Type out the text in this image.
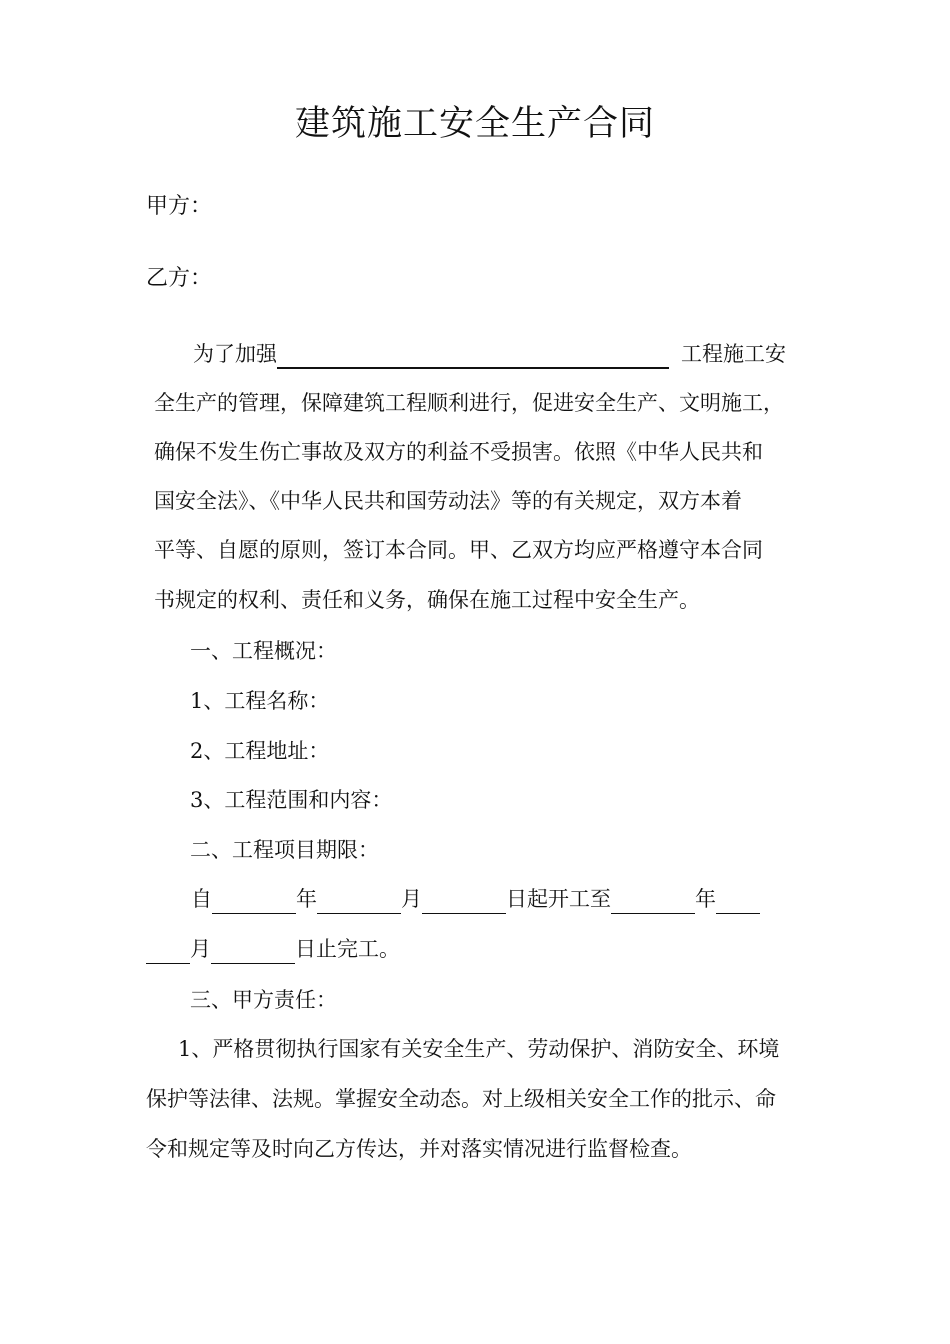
建筑施工安全生产合同
甲方：
乙方：
为了加强	工程施工安
全生产的管理，保障建筑工程顺利进行，促进安全生产、文明施工，
确保不发生伤亡事故及双方的利益不受损害。依照《中华人民共和
国安全法》、《中华人民共和国劳动法》等的有关规定，双方本着
平等、自愿的原则，签订本合同。甲、乙双方均应严格遵守本合同
书规定的权利、责任和义务，确保在施工过程中安全生产。
一、工程概况：
1、工程名称：
2、工程地址：
3、工程范围和内容：
二、工程项目期限：
自	年	月	日起开工至	年
月	日止完工。
三、甲方责任：
1、严格贯彻执行国家有关安全生产、劳动保护、消防安全、环境
保护等法律、法规。掌握安全动态。对上级相关安全工作的批示、命
令和规定等及时向乙方传达，并对落实情况进行监督检查。
